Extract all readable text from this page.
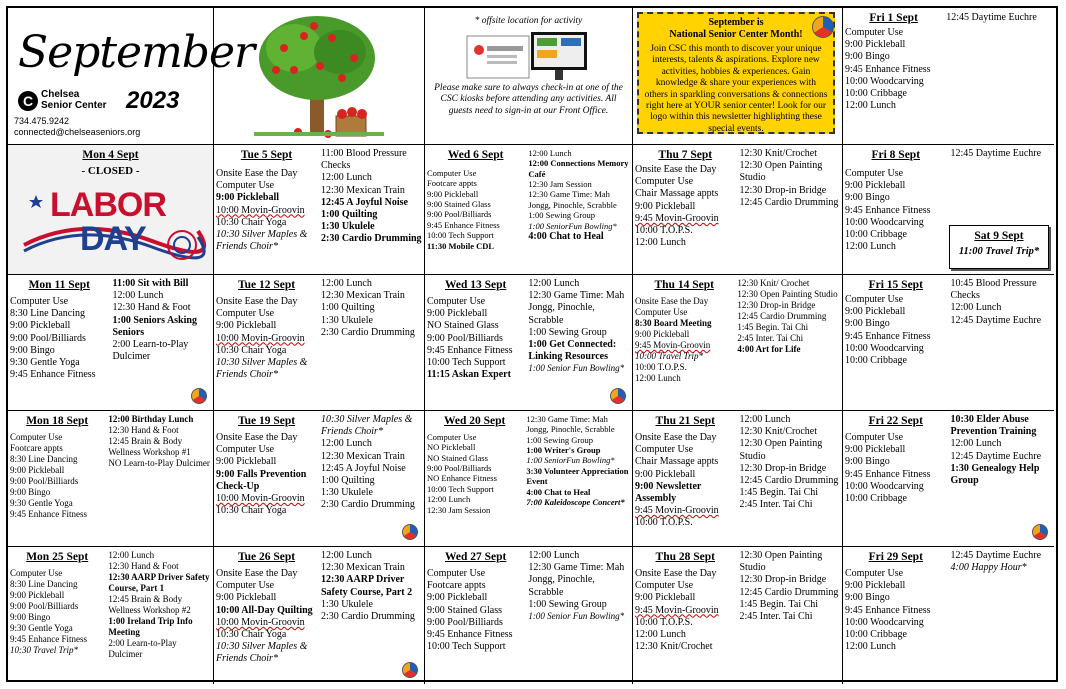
September
C Chelsea
Senior Center 2023
734.475.9242
connected@chelseaseniors.org
* offsite location for activity
Please make sure to always check-in at one of the CSC kiosks before attending any activities. All guests need to sign-in at our Front Office.
September is
National Senior Center Month!
Join CSC this month to discover your unique interests, talents & aspirations. Explore new activities, hobbies & experiences. Gain knowledge & share your experiences with others in sparkling conversations & connections right here at YOUR senior center! Look for our logo within this newsletter highlighting these special events.
Fri 1 Sept
Computer Use
9:00 Pickleball
9:00 Bingo
9:45 Enhance Fitness
10:00 Woodcarving
10:00 Cribbage
12:00 Lunch
12:45 Daytime Euchre
Mon 4 Sept
- CLOSED -
LABOR
DAY
Tue 5 Sept
Onsite Ease the Day
Computer Use
9:00 Pickleball
10:00 Movin-Groovin
10:30 Chair Yoga
10:30 Silver Maples & Friends Choir*
11:00 Blood Pressure Checks
12:00 Lunch
12:30 Mexican Train
12:45 A Joyful Noise
1:00 Quilting
1:30 Ukulele
2:30 Cardio Drumming
Wed 6 Sept
Computer Use
Footcare appts
9:00 Pickleball
9:00 Stained Glass
9:00 Pool/Billiards
9:45 Enhance Fitness
10:00 Tech Support
11:30 Mobile CDL
12:00 Lunch
12:00 Connections Memory Café
12:30 Jam Session
12:30 Game Time: Mah Jongg, Pinochle, Scrabble
1:00 Sewing Group
1:00 SeniorFun Bowling*
4:00 Chat to Heal
Thu 7 Sept
Onsite Ease the Day
Computer Use
Chair Massage appts
9:00 Pickleball
9:45 Movin-Groovin
10:00 T.O.P.S.
12:00 Lunch
12:30 Knit/Crochet
12:30 Open Painting Studio
12:30 Drop-in Bridge
12:45 Cardio Drumming
Fri 8 Sept
Computer Use
9:00 Pickleball
9:00 Bingo
9:45 Enhance Fitness
10:00 Woodcarving
10:00 Cribbage
12:00 Lunch
12:45 Daytime Euchre
Sat 9 Sept
11:00 Travel Trip*
Mon 11 Sept
Computer Use
8:30 Line Dancing
9:00 Pickleball
9:00 Pool/Billiards
9:00 Bingo
9:30 Gentle Yoga
9:45 Enhance Fitness
11:00 Sit with Bill
12:00 Lunch
12:30 Hand & Foot
1:00 Seniors Asking Seniors
2:00 Learn-to-Play Dulcimer
Tue 12 Sept
Onsite Ease the Day
Computer Use
9:00 Pickleball
10:00 Movin-Groovin
10:30 Chair Yoga
10:30 Silver Maples & Friends Choir*
12:00 Lunch
12:30 Mexican Train
1:00 Quilting
1:30 Ukulele
2:30 Cardio Drumming
Wed 13 Sept
Computer Use
9:00 Pickleball
NO Stained Glass
9:00 Pool/Billiards
9:45 Enhance Fitness
10:00 Tech Support
11:15 Askan Expert
12:00 Lunch
12:30 Game Time: Mah Jongg, Pinochle, Scrabble
1:00 Sewing Group
1:00 Get Connected: Linking Resources
1:00 Senior Fun Bowling*
Thu 14 Sept
Onsite Ease the Day
Computer Use
8:30 Board Meeting
9:00 Pickleball
9:45 Movin-Groovin
10:00 Travel Trip*
10:00 T.O.P.S.
12:00 Lunch
12:30 Knit/ Crochet
12:30 Open Painting Studio
12:30 Drop-in Bridge
12:45 Cardio Drumming
1:45 Begin. Tai Chi
2:45 Inter. Tai Chi
4:00 Art for Life
Fri 15 Sept
Computer Use
9:00 Pickleball
9:00 Bingo
9:45 Enhance Fitness
10:00 Woodcarving
10:00 Cribbage
10:45 Blood Pressure Checks
12:00 Lunch
12:45 Daytime Euchre
Mon 18 Sept
Computer Use
Footcare appts
8:30 Line Dancing
9:00 Pickleball
9:00 Pool/Billiards
9:00 Bingo
9:30 Gentle Yoga
9:45 Enhance Fitness
12:00 Birthday Lunch
12:30 Hand & Foot
12:45 Brain & Body Wellness Workshop #1
NO Learn-to-Play Dulcimer
Tue 19 Sept
Onsite Ease the Day
Computer Use
9:00 Pickleball
9:00 Falls Prevention Check-Up
10:00 Movin-Groovin
10:30 Chair Yoga
10:30 Silver Maples & Friends Choir*
12:00 Lunch
12:30 Mexican Train
12:45 A Joyful Noise
1:00 Quilting
1:30 Ukulele
2:30 Cardio Drumming
Wed 20 Sept
Computer Use
NO Pickleball
NO Stained Glass
9:00 Pool/Billiards
NO Enhance Fitness
10:00 Tech Support
12:00 Lunch
12:30 Jam Session
12:30 Game Time: Mah Jongg, Pinochle, Scrabble
1:00 Sewing Group
1:00 Writer's Group
1:00 SeniorFun Bowling*
3:30 Volunteer Appreciation Event
4:00 Chat to Heal
7:00 Kaleidoscope Concert*
Thu 21 Sept
Onsite Ease the Day
Computer Use
Chair Massage appts
9:00 Pickleball
9:00 Newsletter Assembly
9:45 Movin-Groovin
10:00 T.O.P.S.
12:00 Lunch
12:30 Knit/Crochet
12:30 Open Painting Studio
12:30 Drop-in Bridge
12:45 Cardio Drumming
1:45 Begin. Tai Chi
2:45 Inter. Tai Chi
Fri 22 Sept
Computer Use
9:00 Pickleball
9:00 Bingo
9:45 Enhance Fitness
10:00 Woodcarving
10:00 Cribbage
10:30 Elder Abuse Prevention Training
12:00 Lunch
12:45 Daytime Euchre
1:30 Genealogy Help Group
Mon 25 Sept
Computer Use
8:30 Line Dancing
9:00 Pickleball
9:00 Pool/Billiards
9:00 Bingo
9:30 Gentle Yoga
9:45 Enhance Fitness
10:30 Travel Trip*
12:00 Lunch
12:30 Hand & Foot
12:30 AARP Driver Safety Course, Part 1
12:45 Brain & Body Wellness Workshop #2
1:00 Ireland Trip Info Meeting
2:00 Learn-to-Play Dulcimer
Tue 26 Sept
Onsite Ease the Day
Computer Use
9:00 Pickleball
10:00 All-Day Quilting
10:00 Movin-Groovin
10:30 Chair Yoga
10:30 Silver Maples & Friends Choir*
12:00 Lunch
12:30 Mexican Train
12:30 AARP Driver Safety Course, Part 2
1:30 Ukulele
2:30 Cardio Drumming
Wed 27 Sept
Computer Use
Footcare appts
9:00 Pickleball
9:00 Stained Glass
9:00 Pool/Billiards
9:45 Enhance Fitness
10:00 Tech Support
12:00 Lunch
12:30 Game Time: Mah Jongg, Pinochle, Scrabble
1:00 Sewing Group
1:00 Senior Fun Bowling*
Thu 28 Sept
Onsite Ease the Day
Computer Use
9:00 Pickleball
9:45 Movin-Groovin
10:00 T.O.P.S.
12:00 Lunch
12:30 Knit/Crochet
12:30 Open Painting Studio
12:30 Drop-in Bridge
12:45 Cardio Drumming
1:45 Begin. Tai Chi
2:45 Inter. Tai Chi
Fri 29 Sept
Computer Use
9:00 Pickleball
9:00 Bingo
9:45 Enhance Fitness
10:00 Woodcarving
10:00 Cribbage
12:00 Lunch
12:45 Daytime Euchre
4:00 Happy Hour*
